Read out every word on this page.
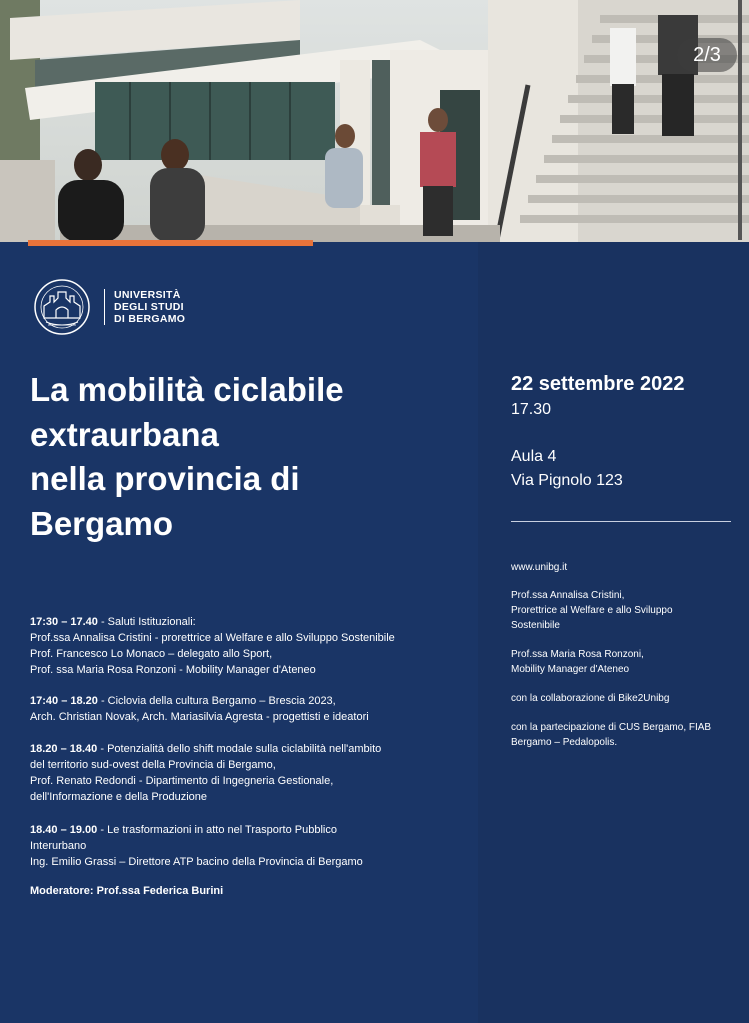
2/3
UNIVERSITÀ
DEGLI STUDI
DI BERGAMO
La mobilità ciclabile
extraurbana
nella provincia di
Bergamo
22 settembre 2022
17.30
Aula 4
Via Pignolo 123
www.unibg.it
Prof.ssa Annalisa Cristini,
Prorettrice al Welfare e allo Sviluppo
Sostenibile
Prof.ssa Maria Rosa Ronzoni,
Mobility Manager d'Ateneo
con la collaborazione di Bike2Unibg
con la partecipazione di CUS Bergamo, FIAB
Bergamo – Pedalopolis.
17:30 – 17.40 - Saluti Istituzionali:
Prof.ssa Annalisa Cristini - prorettrice al Welfare e allo Sviluppo Sostenibile
Prof. Francesco Lo Monaco – delegato allo Sport,
Prof. ssa Maria Rosa Ronzoni - Mobility Manager d'Ateneo
17:40 – 18.20 - Ciclovia della cultura Bergamo – Brescia 2023,
Arch. Christian Novak, Arch. Mariasilvia Agresta - progettisti e ideatori
18.20 – 18.40 - Potenzialità dello shift modale sulla ciclabilità nell'ambito
del territorio sud-ovest della Provincia di Bergamo,
Prof. Renato Redondi - Dipartimento di Ingegneria Gestionale,
dell'Informazione e della Produzione
18.40 – 19.00 - Le trasformazioni in atto nel Trasporto Pubblico
Interurbano
Ing. Emilio Grassi – Direttore ATP bacino della Provincia di Bergamo
Moderatore: Prof.ssa Federica Burini
